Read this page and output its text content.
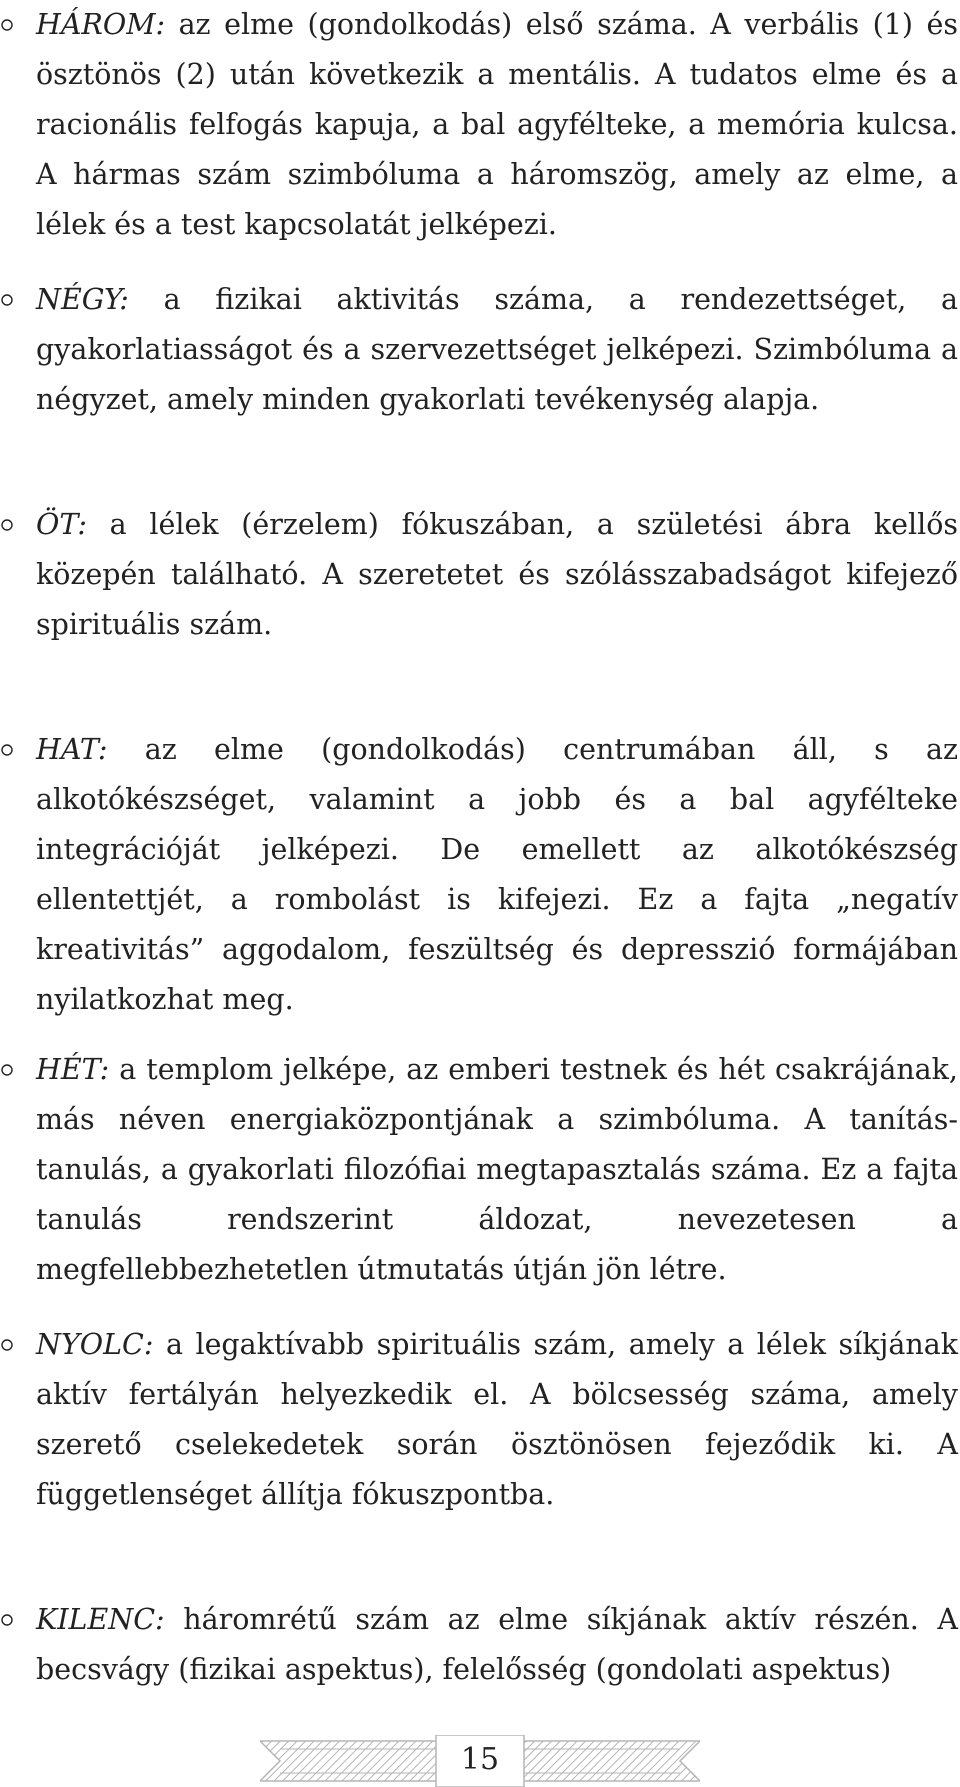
HÁROM: az elme (gondolkodás) első száma. A verbális (1) és ösztönös (2) után következik a mentális. A tudatos elme és a racionális felfogás kapuja, a bal agyfélteke, a memória kulcsa. A hármas szám szimbóluma a háromszög, amely az elme, a lélek és a test kapcsolatát jelképezi.
NÉGY: a fizikai aktivitás száma, a rendezettséget, a gyakorlatiasságot és a szervezettséget jelképezi. Szimbóluma a négyzet, amely minden gyakorlati tevékenység alapja.
ÖT: a lélek (érzelem) fókuszában, a születési ábra kellős közepén található. A szeretetet és szólásszabadságot kifejező spirituális szám.
HAT: az elme (gondolkodás) centrumában áll, s az alkotókészséget, valamint a jobb és a bal agyfélteke integrációját jelképezi. De emellett az alkotókészség ellentettjét, a rombolást is kifejezi. Ez a fajta „negatív kreativitás” aggodalom, feszültség és depresszió formájában nyilatkozhat meg.
HÉT: a templom jelképe, az emberi testnek és hét csakrájának, más néven energiaközpontjának a szimbóluma. A tanítás-tanulás, a gyakorlati filozófiai megtapasztalás száma. Ez a fajta tanulás rendszerint áldozat, nevezetesen a megfellebbezhetetlen útmutatás útján jön létre.
NYOLC: a legaktívabb spirituális szám, amely a lélek síkjának aktív fertályán helyezkedik el. A bölcsesség száma, amely szerető cselekedetek során ösztönösen fejeződik ki. A függetlenséget állítja fókuszpontba.
KILENC: háromrétű szám az elme síkjának aktív részén. A becsvágy (fizikai aspektus), felelősség (gondolati aspektus)
15
